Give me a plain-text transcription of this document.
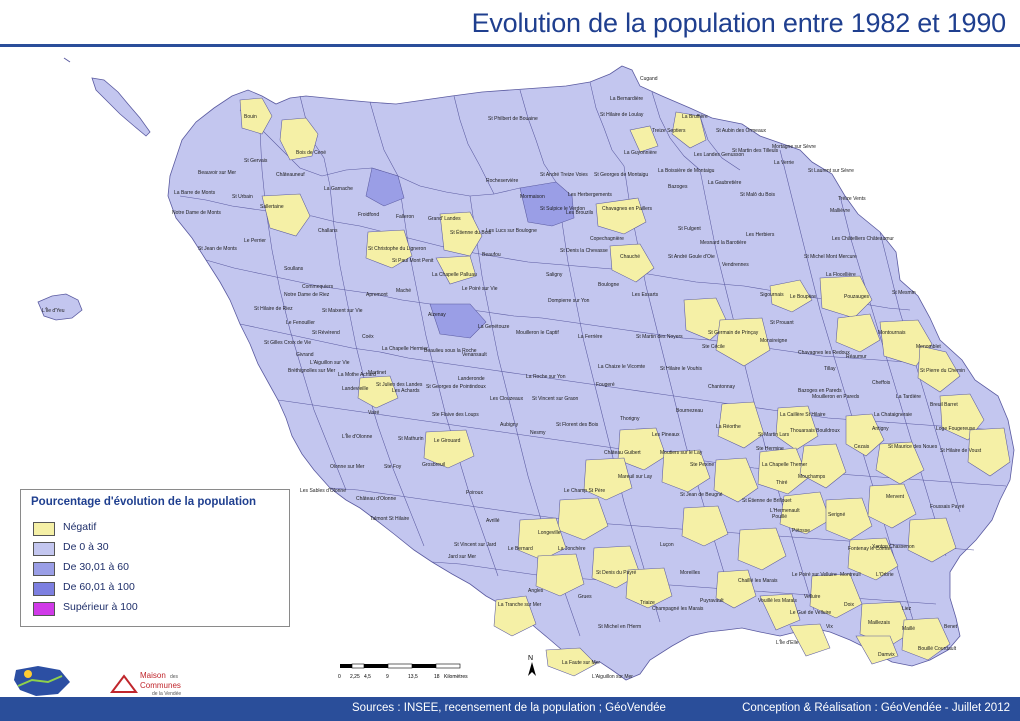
Evolution de la population entre 1982 et 1990
Cugand
La Bernardière
St Hilaire de Loulay	La Bruffière
Bouin	St Philbert de Bouaine
Treize Septiers	St Aubin des Ormeaux
Mortagne sur Sèvre
Bois de Cené	La Guyonnière	Les Landes Genusson
St Martin des Tilleuls
La Verrie
St Laurent sur Sèvre
St Gervais
Beauvoir sur Mer	Châteauneuf	St André Treize Voies
Rocheservière
St Georges de Montaigu
La Boissière de Montaigu
Bazoges
La Gaubretière
La Barre de Monts
St Urbain
La Garnache
Mormaison	Les Herbergements	St Malô du Bois
Sallertaine	St Sulpice le Verdon	Chavagnes en Paillers
Les Brouzils
Tréize Vents
Mallièvre
Notre Dame de Monts	Froidfond	Falleron	Grand' Landes
St Étienne du Bois
Les Lucs sur Boulogne	St Fulgent
Les Herbiers
Les Châtelliers Châteaumur
Challans
Le Perrier	Copechagnière
Mesnard la Barotière
St Jean de Monts	St Christophe du Ligneron
Beaufou
St Denis la Chevasse
Chauché	St André Goule d'Oie
Vendrennes
St Michel Mont Mercure
Soullans
St Paul Mont Penit
La Chapelle Palluau	Saligny	La Flocellière
Pouzauges
Commequiers
Maché	Le Poiré sur Vie
Les Essarts
Boulogne
Sigournais Le Boupère
St Mesmin
Notre Dame de Riez	Apremont
Dompierre sur Yon
Aizenay
L'Île d'Yeu	St Hilaire de Riez	St Maixent sur Vie
La Genétouze
La Ferrière	St Martin des Noyers
St Germain de Prinçay
Monsireigne
St Prouant
Le Fenouiller
St Révérend
Coëx
Mouilleron le Captif
Ste Cécile
Montournais
Menomblet
St Gilles Croix de Vie
Givrand
La Chapelle Hermier
Beaulieu sous la Roche
Venansault
L'Aiguillon sur Vie
Bréthignolles sur Mer	Martinet
La Chaize le Vicomte	St Hilaire le Vouhis
Chavagnes les Redoux
Réaumur
La Mothe Achard
Landevieille
Landeronde	La Roche sur Yon
Fougeré	Chantonnay
Bazoges en Pareds
Cheffois
St Pierre du Chemin
Les Achards
St Julien des Landes St Georges de Pointindoux
Les Clouzeaux
Thorigny
Bournezeau
St Vincent sur Graon
Tillay
La Caillère St Hilaire
Mouilleron en Pareds	La Tardière
Breuil Barret
Vairé	Ste Flaive des Loups
St Florent des Bois	La Réorthe
St Martin Lars
Thouarsais Bouildroux
La Chataigneraie
Antigny	Loge Fougereuse
L'Île d'Olonne	St Mathurin Le Girouard
Aubigny
Nesmy	Les Pineaux
Ste Hermine	Cezais	St Maurice des Noues
St Hilaire de Voust
Olonne sur Mer	Ste Foy	Grosbreuil
Château Guibert	Moutiers sur le Lay
Mareuil sur Lay
Ste Pexine	La Chapelle Themer
Thiré
Mouchamps
Les Sables d'Olonne
Château d'Olonne
Poiroux	Le Champ St Père
St Jean de Beugné
St Étienne de Brillouet
Mervent
Foussais Payré
Talmont St Hilaire	Avrillé
Longeville
La Jonchère
Le Bernard
Luçon
Pétosse
L'Hermenault
Pouillé	Serigné
Fontenay le Comte
St Vincent sur Jard
Jard sur Mer
Angles
Grues
Moreilles
Chaillé les Marais
Puyravault	Vouillé les Marais
Champagné les Marais
Triaize
St Denis du Payré	Le Poiré sur Velluire
Velluire
Doix
Montreuil	L'Orbrie
Xanton Chassenon
La Tranche sur Mer
St Michel en l'Herm
Le Gué de Velluire
Vix
Maillezais
Maillé
Liez
Damvix
Bouillé Courdault
Benet
L'Île d'Elle
La Faute sur Mer
L'Aiguillon sur Mer
Pourcentage d'évolution de la population
Négatif
De 0 à 30
De 30,01 à 60
De 60,01 à 100
Supérieur à 100
0 2,25 4,5	9	13,5	18 Kilomètres
N
Maison des
Communes
de la Vendée
Sources : INSEE, recensement de la population ; GéoVendée	Conception & Réalisation : GéoVendée - Juillet 2012
